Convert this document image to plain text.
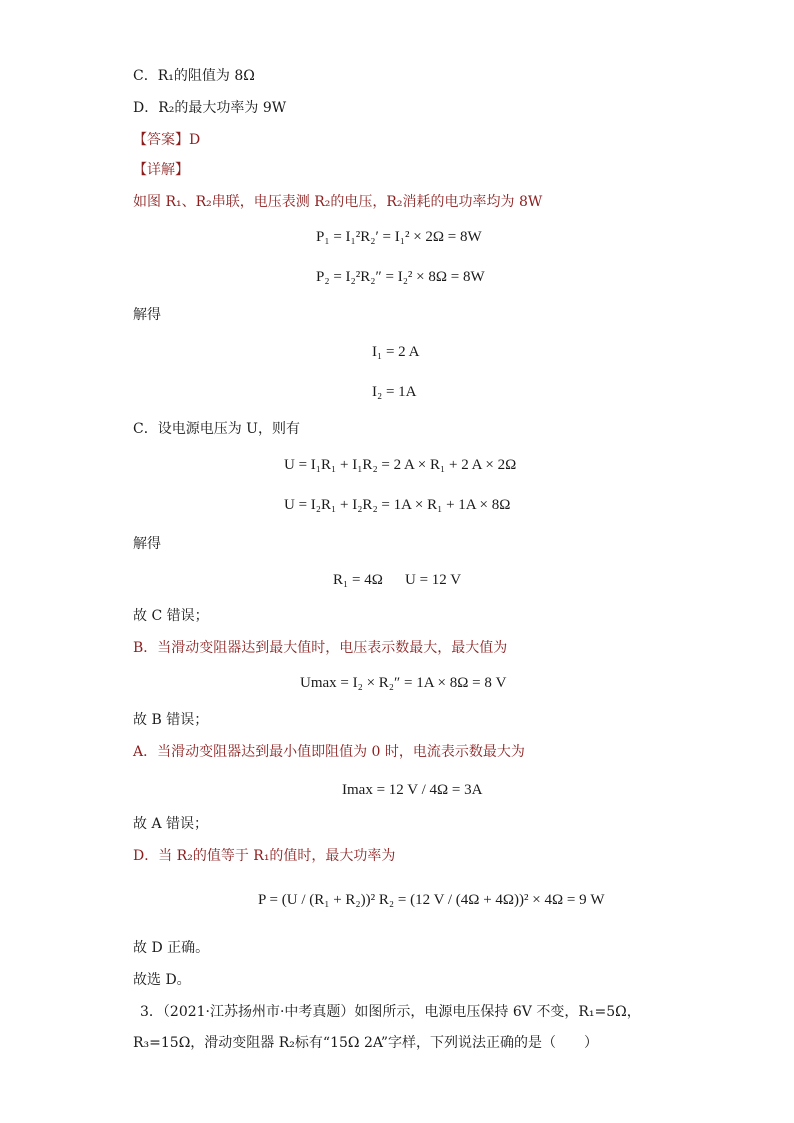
C．R₁的阻值为 8Ω
D．R₂的最大功率为 9W
【答案】D
【详解】
如图 R₁、R₂串联，电压表测 R₂的电压，R₂消耗的电功率均为 8W
P₁ = I₁²R₂′ = I₁² × 2Ω = 8W
P₂ = I₂²R₂″ = I₂² × 8Ω = 8W
解得
I₁ = 2 A
I₂ = 1A
C．设电源电压为 U，则有
U = I₁R₁ + I₁R₂ = 2 A × R₁ + 2 A × 2Ω
U = I₂R₁ + I₂R₂ = 1A × R₁ + 1A × 8Ω
解得
R₁ = 4Ω U = 12 V
故 C 错误；
B．当滑动变阻器达到最大值时，电压表示数最大，最大值为
Umax = I₂ × R₂″ = 1A × 8Ω = 8 V
故 B 错误；
A．当滑动变阻器达到最小值即阻值为 0 时，电流表示数最大为
Imax = 12 V / 4Ω = 3A
故 A 错误；
D．当 R₂的值等于 R₁的值时，最大功率为
P = (U / (R₁ + R₂))² R₂ = (12 V / (4Ω + 4Ω))² × 4Ω = 9 W
故 D 正确。
故选 D。
3．（2021·江苏扬州市·中考真题）如图所示，电源电压保持 6V 不变，R₁=5Ω，
R₃=15Ω，滑动变阻器 R₂标有“15Ω 2A”字样，下列说法正确的是（　　）
